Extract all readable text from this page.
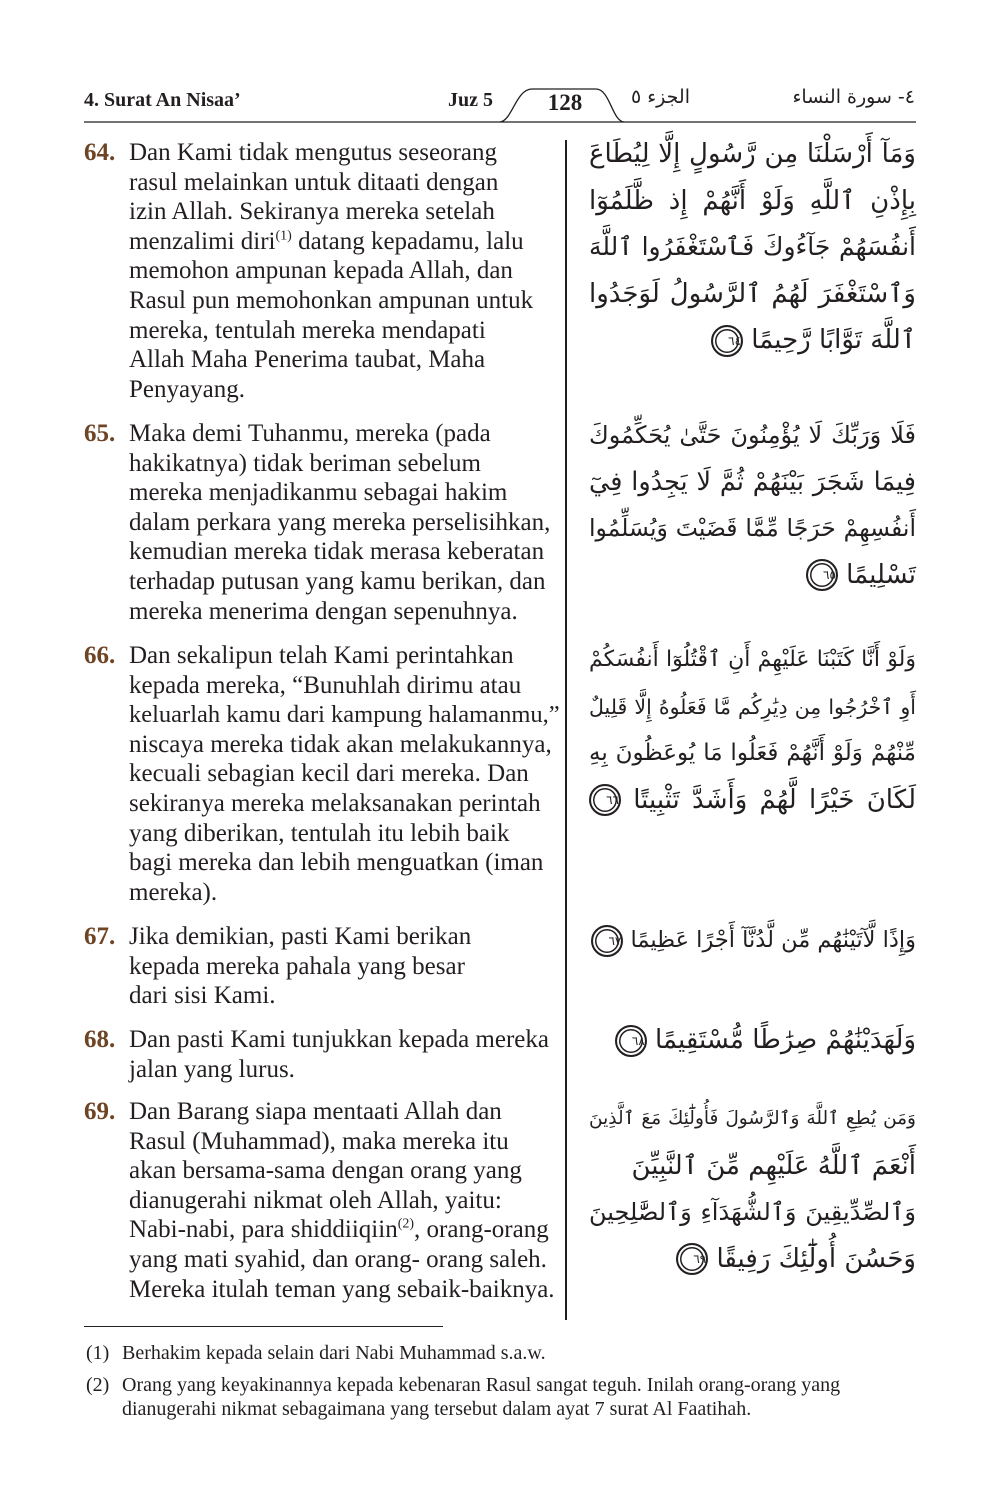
4. Surat An Nisaa’	Juz 5	128	الجزء ٥	٤- سورة النساء
64. Dan Kami tidak mengutus seseorang
rasul melainkan untuk ditaati dengan
izin Allah. Sekiranya mereka setelah
menzalimi diri$^{(1)}$ datang kepadamu, lalu
memohon ampunan kepada Allah, dan
Rasul pun memohonkan ampunan untuk
mereka, tentulah mereka mendapati
Allah Maha Penerima taubat, Maha
Penyayang.
وَمَآ أَرْسَلْنَا مِن رَّسُولٍ إِلَّا لِيُطَاعَ
بِإِذْنِ ٱللَّهِ وَلَوْ أَنَّهُمْ إِذ ظَّلَمُوٓا
أَنفُسَهُمْ جَآءُوكَ فَٱسْتَغْفَرُوا ٱللَّهَ
وَٱسْتَغْفَرَ لَهُمُ ٱلرَّسُولُ لَوَجَدُوا
ٱللَّهَ تَوَّابًا رَّحِيمًا ٦٤
65. Maka demi Tuhanmu, mereka (pada
hakikatnya) tidak beriman sebelum
mereka menjadikanmu sebagai hakim
dalam perkara yang mereka perselisihkan,
kemudian mereka tidak merasa keberatan
terhadap putusan yang kamu berikan, dan
mereka menerima dengan sepenuhnya.
فَلَا وَرَبِّكَ لَا يُؤْمِنُونَ حَتَّىٰ يُحَكِّمُوكَ
فِيمَا شَجَرَ بَيْنَهُمْ ثُمَّ لَا يَجِدُوا فِيٓ
أَنفُسِهِمْ حَرَجًا مِّمَّا قَضَيْتَ وَيُسَلِّمُوا
تَسْلِيمًا ٦٥
66. Dan sekalipun telah Kami perintahkan
kepada mereka, “Bunuhlah dirimu atau
keluarlah kamu dari kampung halamanmu,”
niscaya mereka tidak akan melakukannya,
kecuali sebagian kecil dari mereka. Dan
sekiranya mereka melaksanakan perintah
yang diberikan, tentulah itu lebih baik
bagi mereka dan lebih menguatkan (iman
mereka).
وَلَوْ أَنَّا كَتَبْنَا عَلَيْهِمْ أَنِ ٱقْتُلُوٓا أَنفُسَكُمْ
أَوِ ٱخْرُجُوا مِن دِيَٰرِكُم مَّا فَعَلُوهُ إِلَّا قَلِيلٌ
مِّنْهُمْ وَلَوْ أَنَّهُمْ فَعَلُوا مَا يُوعَظُونَ بِهِ
لَكَانَ خَيْرًا لَّهُمْ وَأَشَدَّ تَثْبِيتًا ٦٦
67. Jika demikian, pasti Kami berikan
kepada mereka pahala yang besar
dari sisi Kami.
وَإِذًا لَّآتَيْنَٰهُم مِّن لَّدُنَّآ أَجْرًا عَظِيمًا ٦٧
68. Dan pasti Kami tunjukkan kepada mereka
jalan yang lurus.
وَلَهَدَيْنَٰهُمْ صِرَٰطًا مُّسْتَقِيمًا ٦٨
69. Dan Barang siapa mentaati Allah dan
Rasul (Muhammad), maka mereka itu
akan bersama-sama dengan orang yang
dianugerahi nikmat oleh Allah, yaitu:
Nabi-nabi, para shiddiiqiin$^{(2)}$, orang-orang
yang mati syahid, dan orang- orang saleh.
Mereka itulah teman yang sebaik-baiknya.
وَمَن يُطِعِ ٱللَّهَ وَٱلرَّسُولَ فَأُولَٰٓئِكَ مَعَ ٱلَّذِينَ
أَنْعَمَ ٱللَّهُ عَلَيْهِم مِّنَ ٱلنَّبِيِّنَ
وَٱلصِّدِّيقِينَ وَٱلشُّهَدَآءِ وَٱلصَّٰلِحِينَ
وَحَسُنَ أُولَٰٓئِكَ رَفِيقًا ٦٩
(1) Berhakim kepada selain dari Nabi Muhammad s.a.w.
(2) Orang yang keyakinannya kepada kebenaran Rasul sangat teguh. Inilah orang-orang yang
dianugerahi nikmat sebagaimana yang tersebut dalam ayat 7 surat Al Faatihah.
